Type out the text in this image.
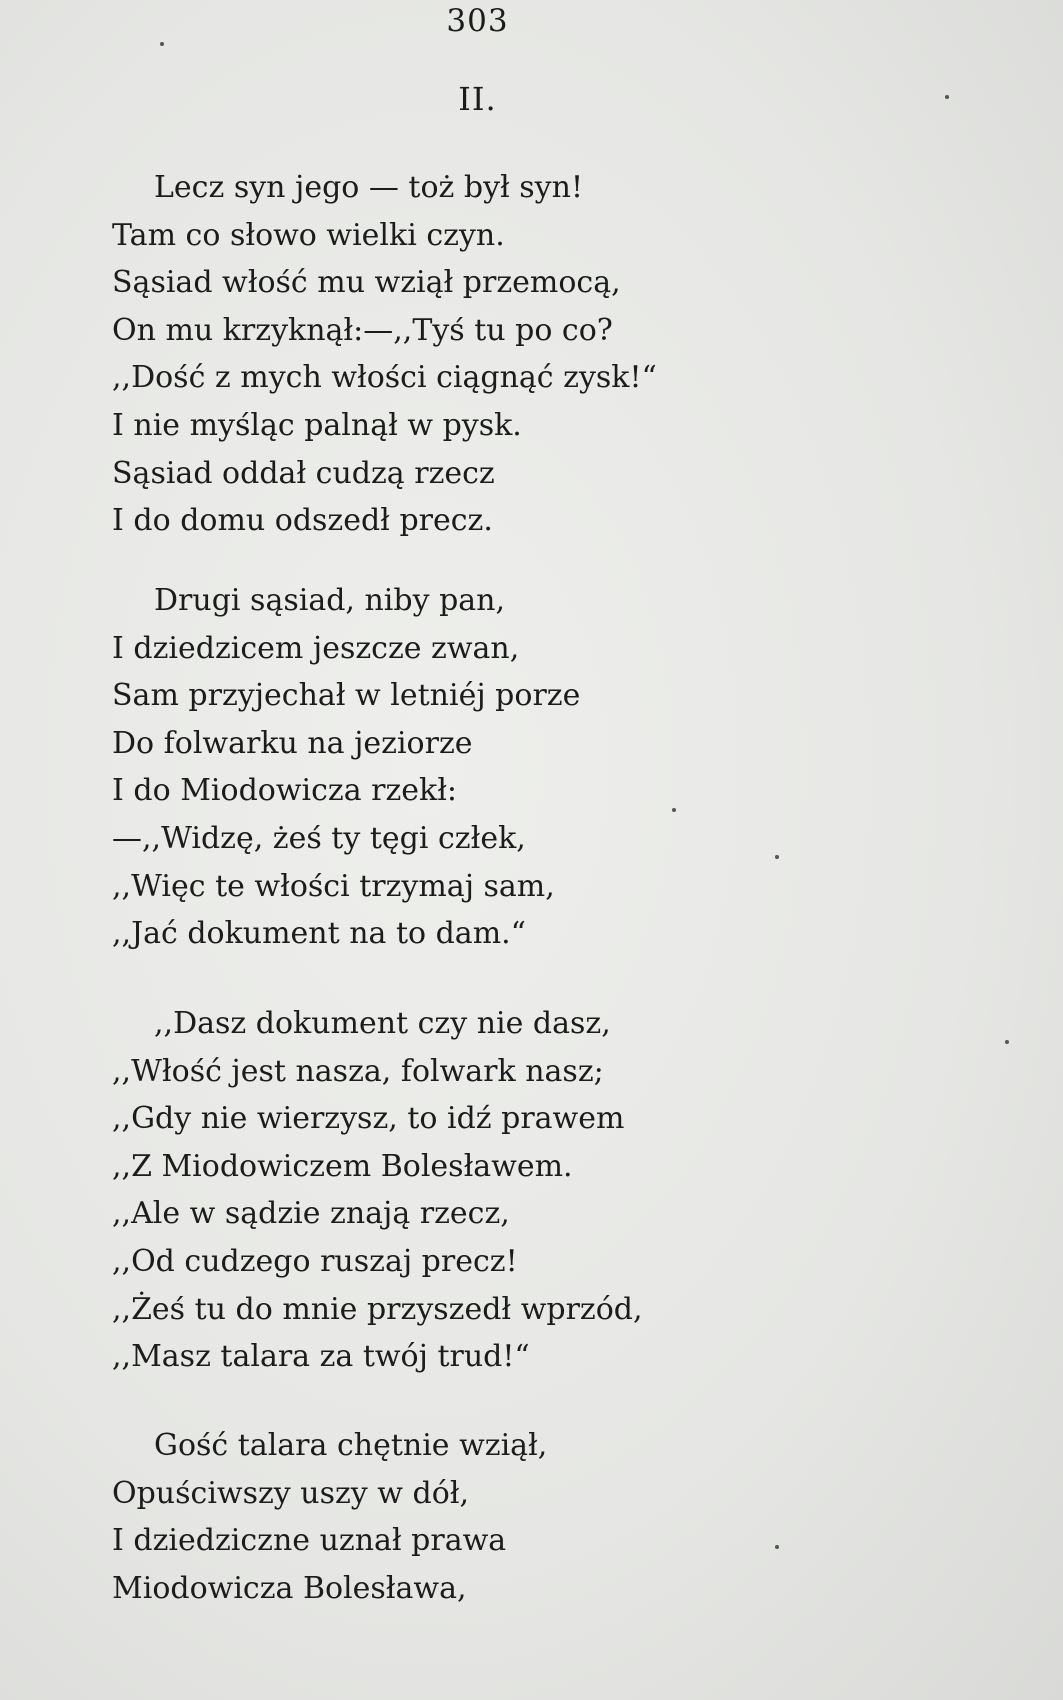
303
II.
Lecz syn jego — toż był syn!
Tam co słowo wielki czyn.
Sąsiad włość mu wziął przemocą,
On mu krzyknął:—,,Tyś tu po co?
,,Dość z mych włości ciągnąć zysk!“
I nie myśląc palnął w pysk.
Sąsiad oddał cudzą rzecz
I do domu odszedł precz.
Drugi sąsiad, niby pan,
I dziedzicem jeszcze zwan,
Sam przyjechał w letniéj porze
Do folwarku na jeziorze
I do Miodowicza rzekł:
—,,Widzę, żeś ty tęgi człek,
,,Więc te włości trzymaj sam,
,,Jać dokument na to dam.“
,,Dasz dokument czy nie dasz,
,,Włość jest nasza, folwark nasz;
,,Gdy nie wierzysz, to idź prawem
,,Z Miodowiczem Bolesławem.
,,Ale w sądzie znają rzecz,
,,Od cudzego ruszaj precz!
,,Żeś tu do mnie przyszedł wprzód,
,,Masz talara za twój trud!“
Gość talara chętnie wziął,
Opuściwszy uszy w dół,
I dziedziczne uznał prawa
Miodowicza Bolesława,
